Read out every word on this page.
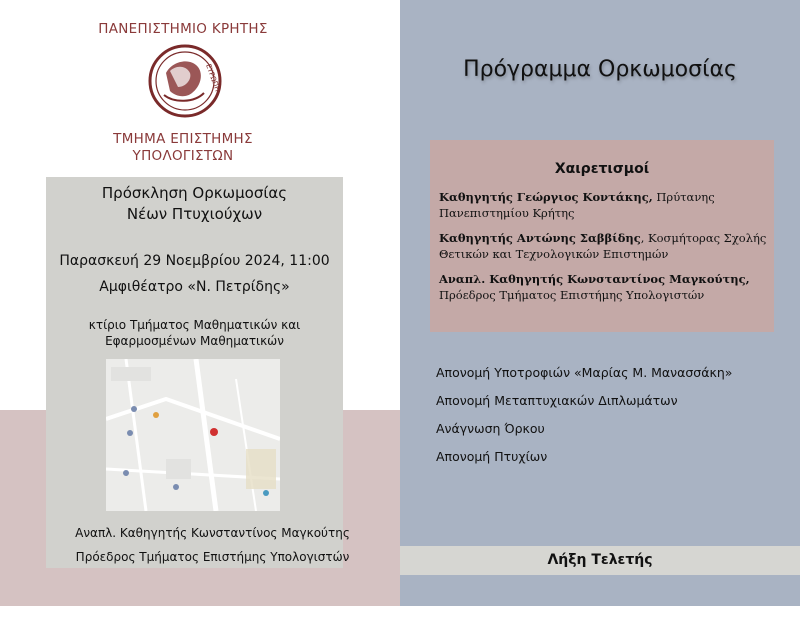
ΠΑΝΕΠΙΣΤΗΜΙΟ ΚΡΗΤΗΣ
ΕΥΡΩΠΗ
ΤΜΗΜΑ ΕΠΙΣΤΗΜΗΣ
ΥΠΟΛΟΓΙΣΤΩΝ
Πρόσκληση Ορκωμοσίας
Νέων Πτυχιούχων
Παρασκευή 29 Νοεμβρίου 2024, 11:00
Αμφιθέατρο «Ν. Πετρίδης»
κτίριο Τμήματος Μαθηματικών και Εφαρμοσμένων Μαθηματικών
Αναπλ. Καθηγητής Κωνσταντίνος Μαγκούτης
Πρόεδρος Τμήματος Επιστήμης Υπολογιστών
Πρόγραμμα Ορκωμοσίας
Χαιρετισμοί
Καθηγητής Γεώργιος Κοντάκης, Πρύτανης Πανεπιστημίου Κρήτης
Καθηγητής Αντώνης Σαββίδης, Κοσμήτορας Σχολής Θετικών και Τεχνολογικών Επιστημών
Αναπλ. Καθηγητής Κωνσταντίνος Μαγκούτης, Πρόεδρος Τμήματος Επιστήμης Υπολογιστών
Απονομή Υποτροφιών «Μαρίας Μ. Μανασσάκη»
Απονομή Μεταπτυχιακών Διπλωμάτων
Ανάγνωση Όρκου
Απονομή Πτυχίων
Λήξη Τελετής
